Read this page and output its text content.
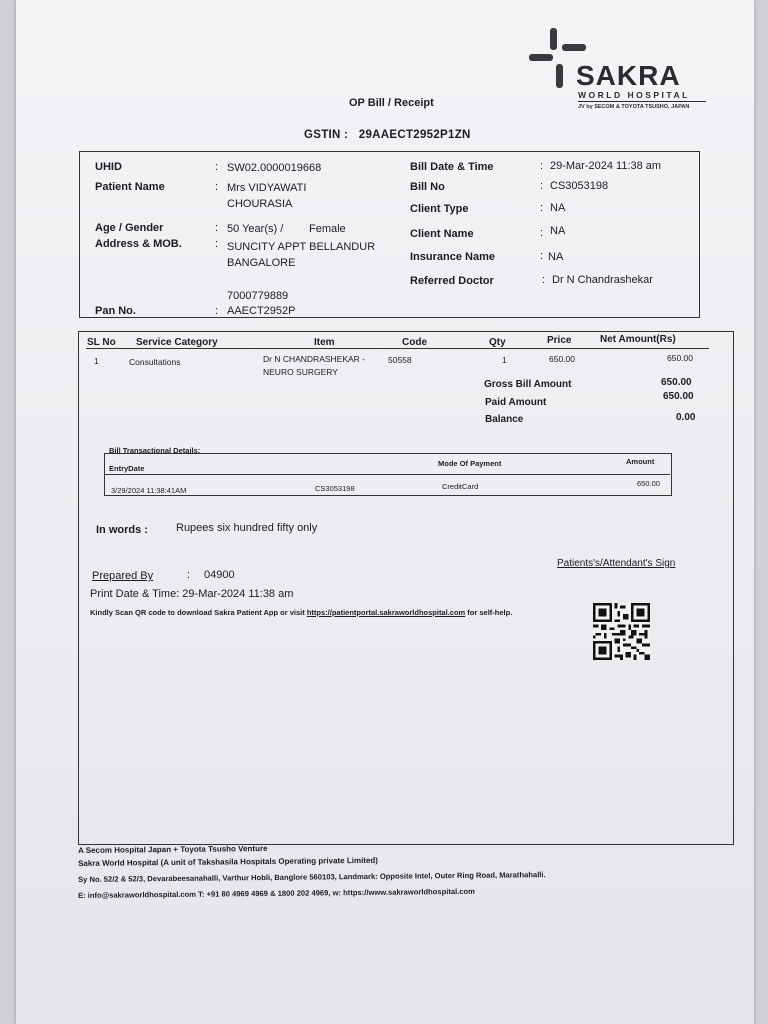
SAKRA
WORLD HOSPITAL
JV by SECOM & TOYOTA TSUSHO, JAPAN
OP Bill / Receipt
GSTIN : 29AAECT2952P1ZN
UHID	: SW02.0000019668
Patient Name	: Mrs VIDYAWATI
CHOURASIA
Age / Gender	: 50 Year(s) / Female
Address & MOB.	: SUNCITY APPT BELLANDUR
BANGALORE
7000779889
Pan No.	: AAECT2952P
Bill Date & Time	: 29-Mar-2024 11:38 am
Bill No	: CS3053198
Client Type	: NA
Client Name	: NA
Insurance Name	: NA
Referred Doctor	: Dr N Chandrashekar
SL No Service Category	Item	Code	Qty	Price	Net Amount(Rs)
1	Consultations	Dr N CHANDRASHEKAR -
NEURO SURGERY
50558	1	650.00	650.00
Gross Bill Amount	650.00
Paid Amount
650.00
Balance	0.00
Bill Transactional Details:
EntryDate
Mode Of Payment	Amount
3/29/2024 11:38:41AM	CS3053198	CreditCard	650.00
In words :	Rupees six hundred fifty only
Patients's/Attendant's Sign
Prepared By	: 04900
Print Date & Time: 29-Mar-2024 11:38 am
Kindly Scan QR code to download Sakra Patient App or visit https://patientportal.sakraworldhospital.com for self-help.
A Secom Hospital Japan + Toyota Tsusho Venture
Sakra World Hospital (A unit of Takshasila Hospitals Operating private Limited)
Sy No. 52/2 & 52/3, Devarabeesanahalli, Varthur Hobli, Banglore 560103, Landmark: Opposite Intel, Outer Ring Road, Marathahalli.
E: info@sakraworldhospital.com T: +91 80 4969 4969 & 1800 202 4969, w: https://www.sakraworldhospital.com
